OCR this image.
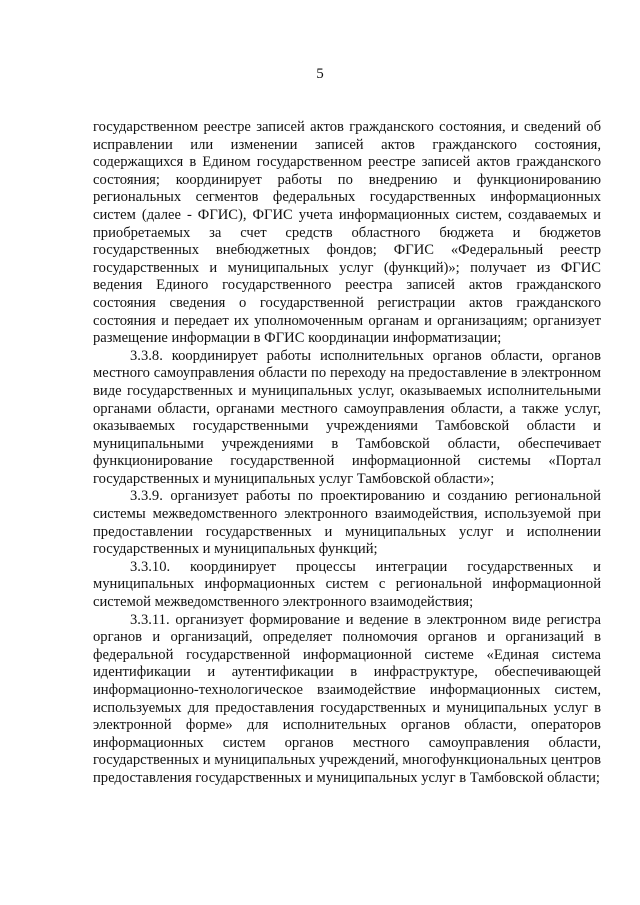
5

государственном реестре записей актов гражданского состояния, и сведений об исправлении или изменении записей актов гражданского состояния, содержащихся в Едином государственном реестре записей актов гражданского состояния; координирует работы по внедрению и функционированию региональных сегментов федеральных государственных информационных систем (далее - ФГИС), ФГИС учета информационных систем, создаваемых и приобретаемых за счет средств областного бюджета и бюджетов государственных внебюджетных фондов; ФГИС «Федеральный реестр государственных и муниципальных услуг (функций)»; получает из ФГИС ведения Единого государственного реестра записей актов гражданского состояния сведения о государственной регистрации актов гражданского состояния и передает их уполномоченным органам и организациям; организует размещение информации в ФГИС координации информатизации;

3.3.8. координирует работы исполнительных органов области, органов местного самоуправления области по переходу на предоставление в электронном виде государственных и муниципальных услуг, оказываемых исполнительными органами области, органами местного самоуправления области, а также услуг, оказываемых государственными учреждениями Тамбовской области и муниципальными учреждениями в Тамбовской области, обеспечивает функционирование государственной информационной системы «Портал государственных и муниципальных услуг Тамбовской области»;

3.3.9. организует работы по проектированию и созданию региональной системы межведомственного электронного взаимодействия, используемой при предоставлении государственных и муниципальных услуг и исполнении государственных и муниципальных функций;

3.3.10. координирует процессы интеграции государственных и муниципальных информационных систем с региональной информационной системой межведомственного электронного взаимодействия;

3.3.11. организует формирование и ведение в электронном виде регистра органов и организаций, определяет полномочия органов и организаций в федеральной государственной информационной системе «Единая система идентификации и аутентификации в инфраструктуре, обеспечивающей информационно-технологическое взаимодействие информационных систем, используемых для предоставления государственных и муниципальных услуг в электронной форме» для исполнительных органов области, операторов информационных систем органов местного самоуправления области, государственных и муниципальных учреждений, многофункциональных центров предоставления государственных и муниципальных услуг в Тамбовской области;
